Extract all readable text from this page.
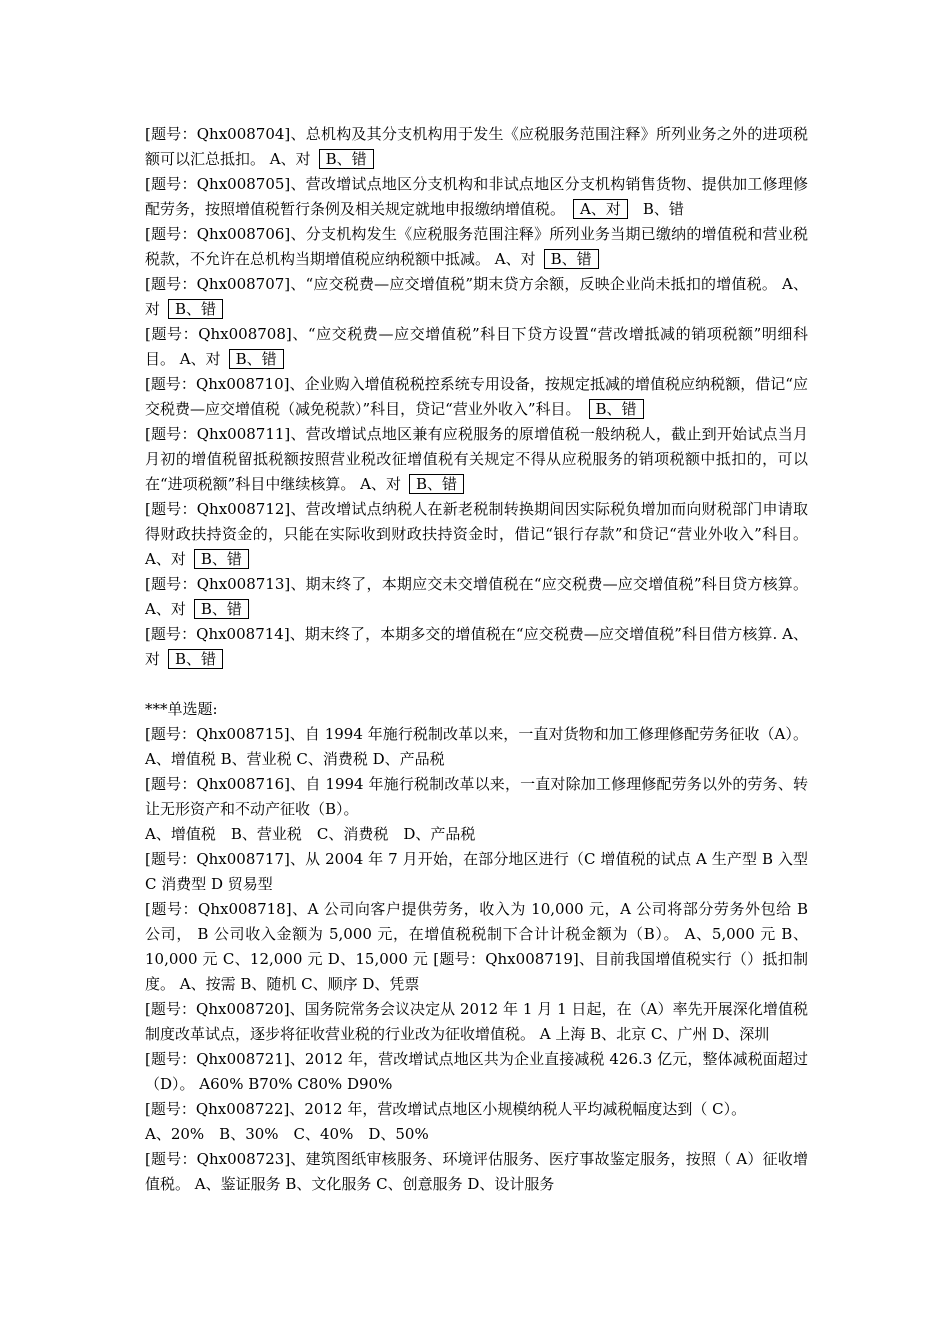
[题号：Qhx008704]、总机构及其分支机构用于发生《应税服务范围注释》所列业务之外的进项税额可以汇总抵扣。 A、对 B、错

[题号：Qhx008705]、营改增试点地区分支机构和非试点地区分支机构销售货物、提供加工修理修配劳务，按照增值税暂行条例及相关规定就地申报缴纳增值税。 A、对　B、错

[题号：Qhx008706]、分支机构发生《应税服务范围注释》所列业务当期已缴纳的增值税和营业税税款，不允许在总机构当期增值税应纳税额中抵减。 A、对 B、错

[题号：Qhx008707]、“应交税费—应交增值税”期末贷方余额，反映企业尚未抵扣的增值税。 A、对 B、错

[题号：Qhx008708]、“应交税费—应交增值税”科目下贷方设置“营改增抵减的销项税额”明细科目。 A、对 B、错

[题号：Qhx008710]、企业购入增值税税控系统专用设备，按规定抵减的增值税应纳税额，借记“应交税费—应交增值税（减免税款）”科目，贷记“营业外收入”科目。 B、错

[题号：Qhx008711]、营改增试点地区兼有应税服务的原增值税一般纳税人，截止到开始试点当月月初的增值税留抵税额按照营业税改征增值税有关规定不得从应税服务的销项税额中抵扣的，可以在“进项税额”科目中继续核算。 A、对 B、错

[题号：Qhx008712]、营改增试点纳税人在新老税制转换期间因实际税负增加而向财税部门申请取得财政扶持资金的，只能在实际收到财政扶持资金时，借记“银行存款”和贷记“营业外收入”科目。 A、对 B、错

[题号：Qhx008713]、期末终了，本期应交未交增值税在“应交税费—应交增值税”科目贷方核算。 A、对 B、错

[题号：Qhx008714]、期末终了，本期多交的增值税在“应交税费—应交增值税”科目借方核算. A、对 B、错

***单选题:

[题号：Qhx008715]、自 1994 年施行税制改革以来，一直对货物和加工修理修配劳务征收（A）。 A、增值税 B、营业税 C、消费税 D、产品税

[题号：Qhx008716]、自 1994 年施行税制改革以来，一直对除加工修理修配劳务以外的劳务、转让无形资产和不动产征收（B）。

A、增值税　B、营业税　C、消费税　D、产品税

[题号：Qhx008717]、从 2004 年 7 月开始，在部分地区进行（C 增值税的试点 A 生产型 B 入型 C 消费型 D 贸易型

[题号：Qhx008718]、A 公司向客户提供劳务，收入为 10,000 元，A 公司将部分劳务外包给 B 公司， B 公司收入金额为 5,000 元，在增值税税制下合计计税金额为（B）。 A、5,000 元 B、10,000 元 C、12,000 元 D、15,000 元 [题号：Qhx008719]、目前我国增值税实行（）抵扣制度。 A、按需 B、随机 C、顺序 D、凭票

[题号：Qhx008720]、国务院常务会议决定从 2012 年 1 月 1 日起，在（A）率先开展深化增值税制度改革试点，逐步将征收营业税的行业改为征收增值税。 A 上海 B、北京 C、广州 D、深圳

[题号：Qhx008721]、2012 年，营改增试点地区共为企业直接减税 426.3 亿元，整体减税面超过（D）。 A60% B70% C80% D90%

[题号：Qhx008722]、2012 年，营改增试点地区小规模纳税人平均减税幅度达到（ C）。

A、20%　B、30%　C、40%　D、50%

[题号：Qhx008723]、建筑图纸审核服务、环境评估服务、医疗事故鉴定服务，按照（ A）征收增值税。 A、鉴证服务 B、文化服务 C、创意服务 D、设计服务
